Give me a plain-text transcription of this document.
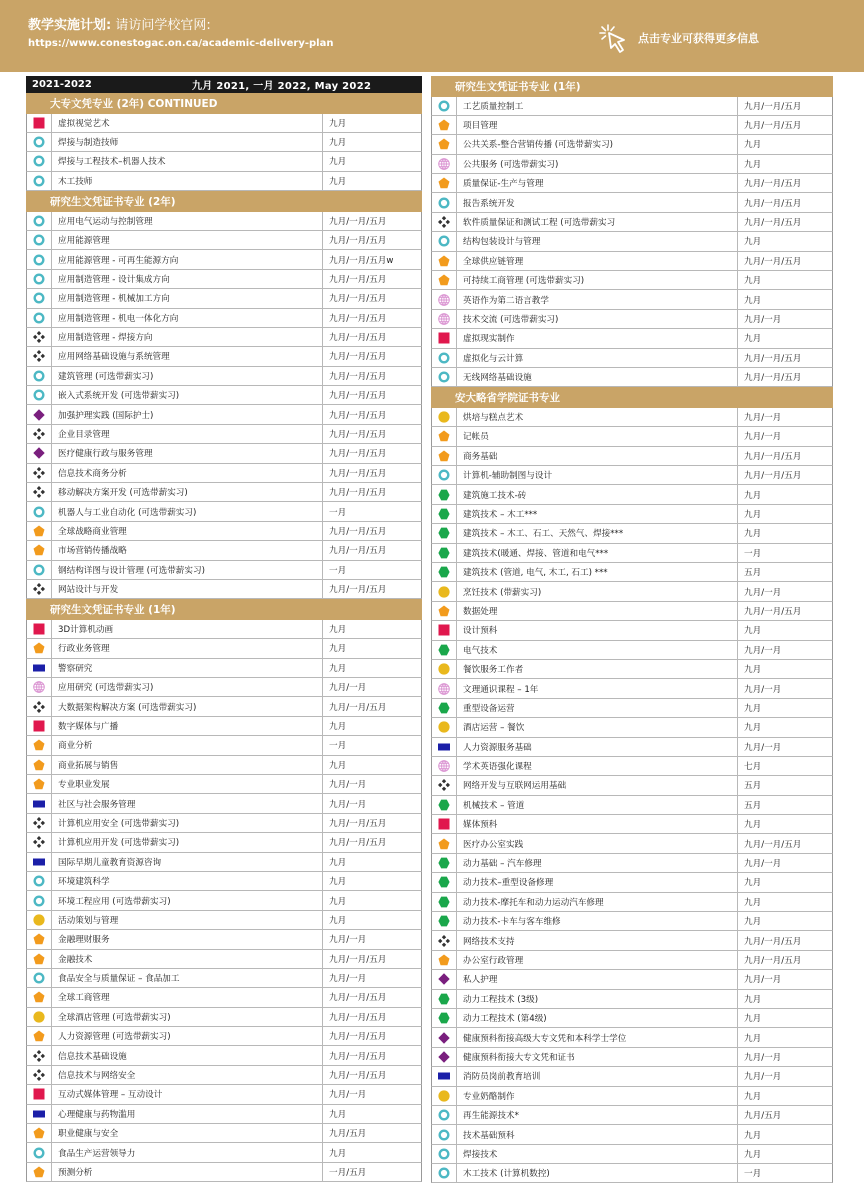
教学实施计划: 请访问学校官网:
https://www.conestogac.on.ca/academic-delivery-plan	点击专业可获得更多信息
2021-2022	九月 2021, 一月 2022, May 2022
大专文凭专业 (2年) CONTINUED
虚拟视觉艺术	九月
焊接与制造技师	九月
焊接与工程技术–机器人技术	九月
木工技师	九月
研究生文凭证书专业 (2年)
应用电气运动与控制管理	九月/一月/五月
应用能源管理	九月/一月/五月
应用能源管理 - 可再生能源方向	九月/一月/五月w
应用制造管理 - 设计集成方向	九月/一月/五月
应用制造管理 - 机械加工方向	九月/一月/五月
应用制造管理 - 机电一体化方向	九月/一月/五月
应用制造管理 - 焊接方向	九月/一月/五月
应用网络基础设施与系统管理	九月/一月/五月
建筑管理 (可选带薪实习)	九月/一月/五月
嵌入式系统开发 (可选带薪实习)	九月/一月/五月
加强护理实践 (国际护士)	九月/一月/五月
企业目录管理	九月/一月/五月
医疗健康行政与服务管理	九月/一月/五月
信息技术商务分析	九月/一月/五月
移动解决方案开发 (可选带薪实习)	九月/一月/五月
机器人与工业自动化 (可选带薪实习)	一月
全球战略商业管理	九月/一月/五月
市场营销传播战略	九月/一月/五月
钢结构详图与设计管理 (可选带薪实习)	一月
网站设计与开发	九月/一月/五月
研究生文凭证书专业 (1年)
3D计算机动画	九月
行政业务管理	九月
警察研究	九月
应用研究 (可选带薪实习)	九月/一月
大数据架构解决方案 (可选带薪实习)	九月/一月/五月
数字媒体与广播	九月
商业分析	一月
商业拓展与销售	九月
专业职业发展	九月/一月
社区与社会服务管理	九月/一月
计算机应用安全 (可选带薪实习)	九月/一月/五月
计算机应用开发 (可选带薪实习)	九月/一月/五月
国际早期儿童教育资源咨询	九月
环境建筑科学	九月
环境工程应用 (可选带薪实习)	九月
活动策划与管理	九月
金融理财服务	九月/一月
金融技术	九月/一月/五月
食品安全与质量保证 – 食品加工	九月/一月
全球工商管理	九月/一月/五月
全球酒店管理 (可选带薪实习)	九月/一月/五月
人力资源管理 (可选带薪实习)	九月/一月/五月
信息技术基础设施	九月/一月/五月
信息技术与网络安全	九月/一月/五月
互动式媒体管理 – 互动设计	九月/一月
心理健康与药物滥用	九月
职业健康与安全	九月/五月
食品生产运营领导力	九月
预测分析	一月/五月
研究生文凭证书专业 (1年)
工艺质量控制工	九月/一月/五月
项目管理	九月/一月/五月
公共关系-整合营销传播 (可选带薪实习)	九月
公共服务 (可选带薪实习)	九月
质量保证-生产与管理	九月/一月/五月
报告系统开发	九月/一月/五月
软件质量保证和测试工程 (可选带薪实习	九月/一月/五月
结构包装设计与管理	九月
全球供应链管理	九月/一月/五月
可持续工商管理 (可选带薪实习)	九月
英语作为第二语言教学	九月
技术交流 (可选带薪实习)	九月/一月
虚拟现实制作	九月
虚拟化与云计算	九月/一月/五月
无线网络基础设施	九月/一月/五月
安大略省学院证书专业
烘培与糕点艺术	九月/一月
记帐员	九月/一月
商务基础	九月/一月/五月
计算机-辅助制图与设计	九月/一月/五月
建筑施工技术-砖	九月
建筑技术 – 木工***	九月
建筑技术 – 木工、石工、天然气、焊接***	九月
建筑技术(暖通、焊接、管道和电气***	一月
建筑技术 (管道, 电气, 木工, 石工) ***	五月
烹饪技术 (带薪实习)	九月/一月
数据处理	九月/一月/五月
设计预科	九月
电气技术	九月/一月
餐饮服务工作者	九月
文理通识课程 – 1年	九月/一月
重型设备运营	九月
酒店运营 – 餐饮	九月
人力资源服务基础	九月/一月
学术英语强化课程	七月
网络开发与互联网运用基础	五月
机械技术 – 管道	五月
媒体预科	九月
医疗办公室实践	九月/一月/五月
动力基础 – 汽车修理	九月/一月
动力技术–重型设备修理	九月
动力技术-摩托车和动力运动汽车修理	九月
动力技术-卡车与客车维修	九月
网络技术支持	九月/一月/五月
办公室行政管理	九月/一月/五月
私人护理	九月/一月
动力工程技术 (3级)	九月
动力工程技术 (第4级)	九月
健康预科衔接高级大专文凭和本科学士学位	九月
健康预科衔接大专文凭和证书	九月/一月
消防员岗前教育培训	九月/一月
专业奶酪制作	九月
再生能源技术*	九月/五月
技术基础预科	九月
焊接技术	九月
木工技术 (计算机数控)	一月
